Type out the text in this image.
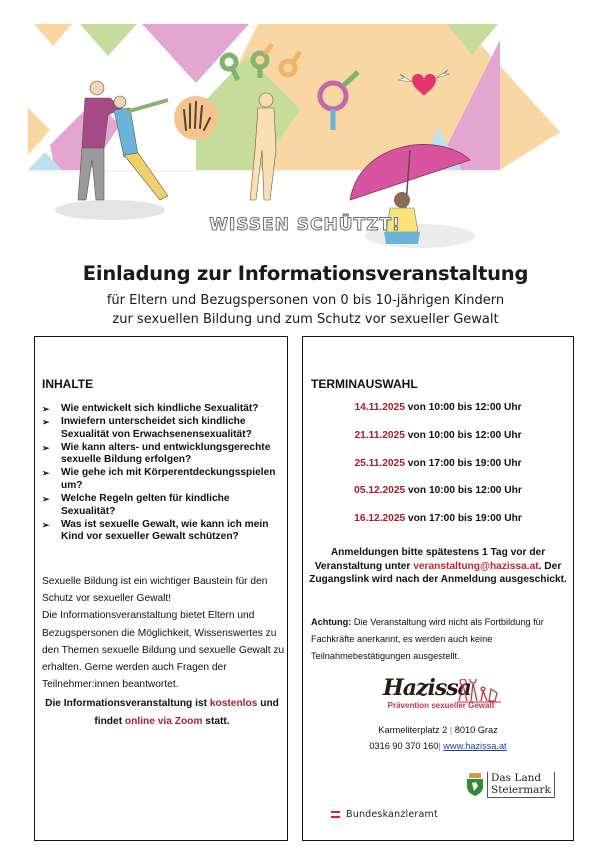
WISSEN SCHÜTZT!
Einladung zur Informationsveranstaltung
für Eltern und Bezugspersonen von 0 bis 10-jährigen Kindern
zur sexuellen Bildung und zum Schutz vor sexueller Gewalt
INHALTE
➢ Wie entwickelt sich kindliche Sexualität?
➢ Inwiefern unterscheidet sich kindliche Sexualität von Erwachsenensexualität?
➢ Wie kann alters- und entwicklungsgerechte sexuelle Bildung erfolgen?
➢ Wie gehe ich mit Körperentdeckungsspielen um?
➢ Welche Regeln gelten für kindliche Sexualität?
➢ Was ist sexuelle Gewalt, wie kann ich mein Kind vor sexueller Gewalt schützen?
Sexuelle Bildung ist ein wichtiger Baustein für den Schutz vor sexueller Gewalt!
Die Informationsveranstaltung bietet Eltern und Bezugspersonen die Möglichkeit, Wissenswertes zu den Themen sexuelle Bildung und sexuelle Gewalt zu erhalten. Gerne werden auch Fragen der Teilnehmer:innen beantwortet.
Die Informationsveranstaltung ist kostenlos und findet online via Zoom statt.
TERMINAUSWAHL
14.11.2025 von 10:00 bis 12:00 Uhr
21.11.2025 von 10:00 bis 12:00 Uhr
25.11.2025 von 17:00 bis 19:00 Uhr
05.12.2025 von 10:00 bis 12:00 Uhr
16.12.2025 von 17:00 bis 19:00 Uhr
Anmeldungen bitte spätestens 1 Tag vor der Veranstaltung unter veranstaltung@hazissa.at. Der Zugangslink wird nach der Anmeldung ausgeschickt.
Achtung: Die Veranstaltung wird nicht als Fortbildung für Fachkräfte anerkannt, es werden auch keine Teilnahmebestätigungen ausgestellt.
Hazissa
Prävention sexueller Gewalt
Karmeliterplatz 2 | 8010 Graz
0316 90 370 160| www.hazissa.at
Bundeskanzleramt
Das Land
Steiermark
